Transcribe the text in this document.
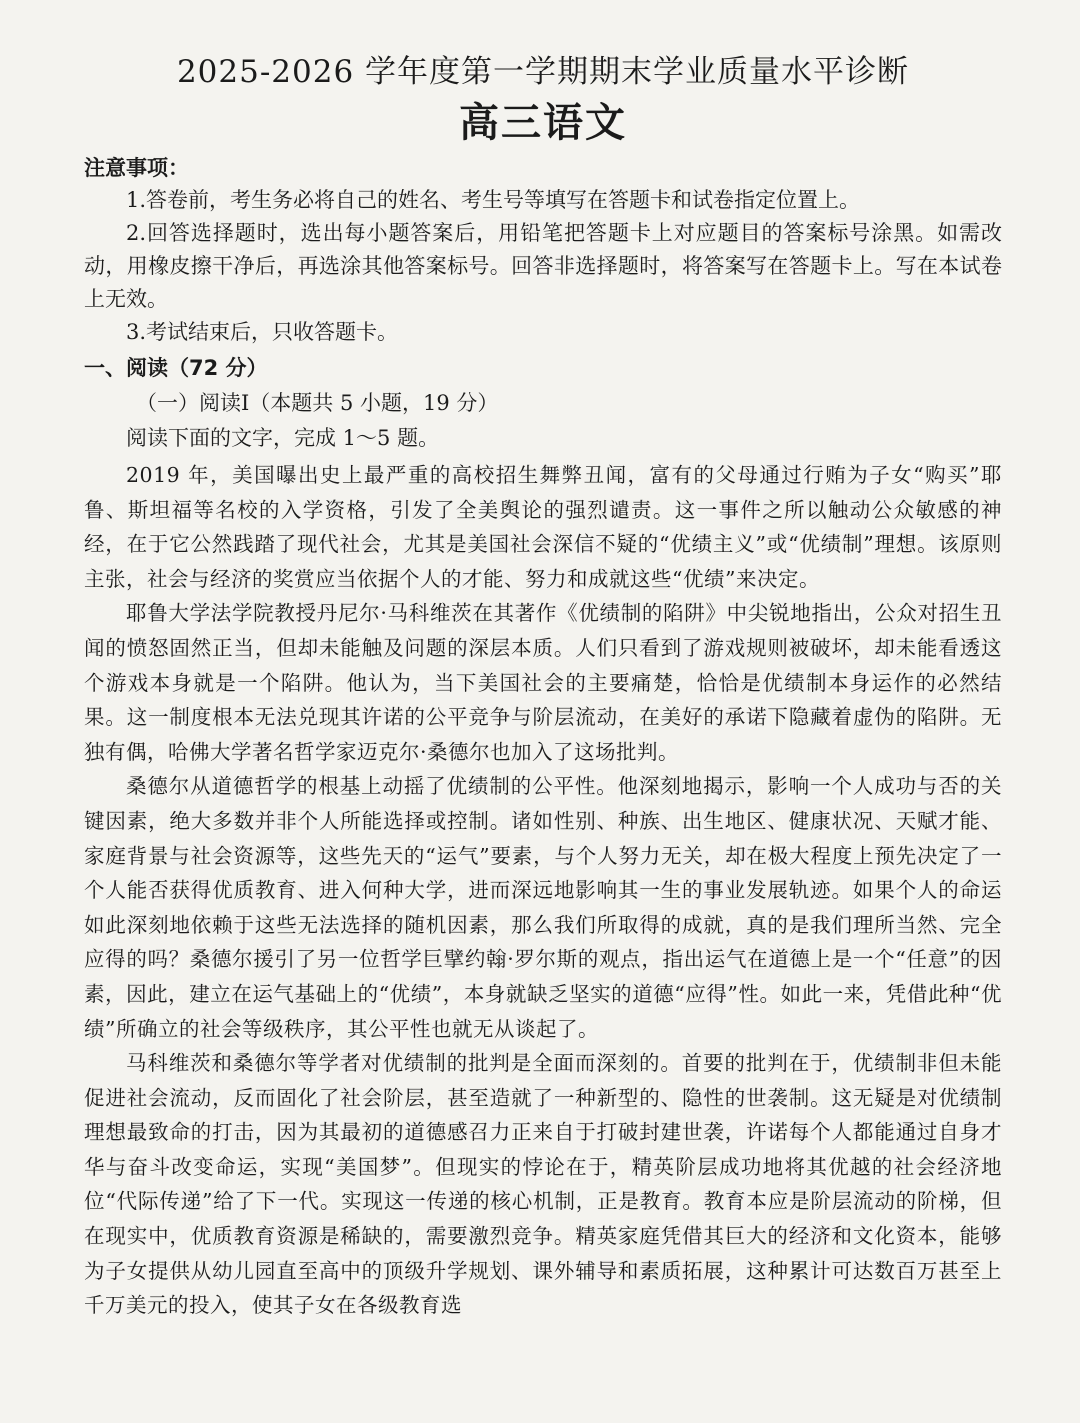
2025-2026 学年度第一学期期末学业质量水平诊断
高三语文
注意事项：

1.答卷前，考生务必将自己的姓名、考生号等填写在答题卡和试卷指定位置上。

2.回答选择题时，选出每小题答案后，用铅笔把答题卡上对应题目的答案标号涂黑。如需改动，用橡皮擦干净后，再选涂其他答案标号。回答非选择题时，将答案写在答题卡上。写在本试卷上无效。

3.考试结束后，只收答题卡。

一、阅读（72 分）
（一）阅读Ⅰ（本题共 5 小题，19 分）
阅读下面的文字，完成 1～5 题。

2019 年，美国曝出史上最严重的高校招生舞弊丑闻，富有的父母通过行贿为子女“购买”耶鲁、斯坦福等名校的入学资格，引发了全美舆论的强烈谴责。这一事件之所以触动公众敏感的神经，在于它公然践踏了现代社会，尤其是美国社会深信不疑的“优绩主义”或“优绩制”理想。该原则主张，社会与经济的奖赏应当依据个人的才能、努力和成就这些“优绩”来决定。

耶鲁大学法学院教授丹尼尔·马科维茨在其著作《优绩制的陷阱》中尖锐地指出，公众对招生丑闻的愤怒固然正当，但却未能触及问题的深层本质。人们只看到了游戏规则被破坏，却未能看透这个游戏本身就是一个陷阱。他认为，当下美国社会的主要痛楚，恰恰是优绩制本身运作的必然结果。这一制度根本无法兑现其许诺的公平竞争与阶层流动，在美好的承诺下隐藏着虚伪的陷阱。无独有偶，哈佛大学著名哲学家迈克尔·桑德尔也加入了这场批判。

桑德尔从道德哲学的根基上动摇了优绩制的公平性。他深刻地揭示，影响一个人成功与否的关键因素，绝大多数并非个人所能选择或控制。诸如性别、种族、出生地区、健康状况、天赋才能、家庭背景与社会资源等，这些先天的“运气”要素，与个人努力无关，却在极大程度上预先决定了一个人能否获得优质教育、进入何种大学，进而深远地影响其一生的事业发展轨迹。如果个人的命运如此深刻地依赖于这些无法选择的随机因素，那么我们所取得的成就，真的是我们理所当然、完全应得的吗？桑德尔援引了另一位哲学巨擘约翰·罗尔斯的观点，指出运气在道德上是一个“任意”的因素，因此，建立在运气基础上的“优绩”，本身就缺乏坚实的道德“应得”性。如此一来，凭借此种“优绩”所确立的社会等级秩序，其公平性也就无从谈起了。

马科维茨和桑德尔等学者对优绩制的批判是全面而深刻的。首要的批判在于，优绩制非但未能促进社会流动，反而固化了社会阶层，甚至造就了一种新型的、隐性的世袭制。这无疑是对优绩制理想最致命的打击，因为其最初的道德感召力正来自于打破封建世袭，许诺每个人都能通过自身才华与奋斗改变命运，实现“美国梦”。但现实的悖论在于，精英阶层成功地将其优越的社会经济地位“代际传递”给了下一代。实现这一传递的核心机制，正是教育。教育本应是阶层流动的阶梯，但在现实中，优质教育资源是稀缺的，需要激烈竞争。精英家庭凭借其巨大的经济和文化资本，能够为子女提供从幼儿园直至高中的顶级升学规划、课外辅导和素质拓展，这种累计可达数百万甚至上千万美元的投入，使其子女在各级教育选
